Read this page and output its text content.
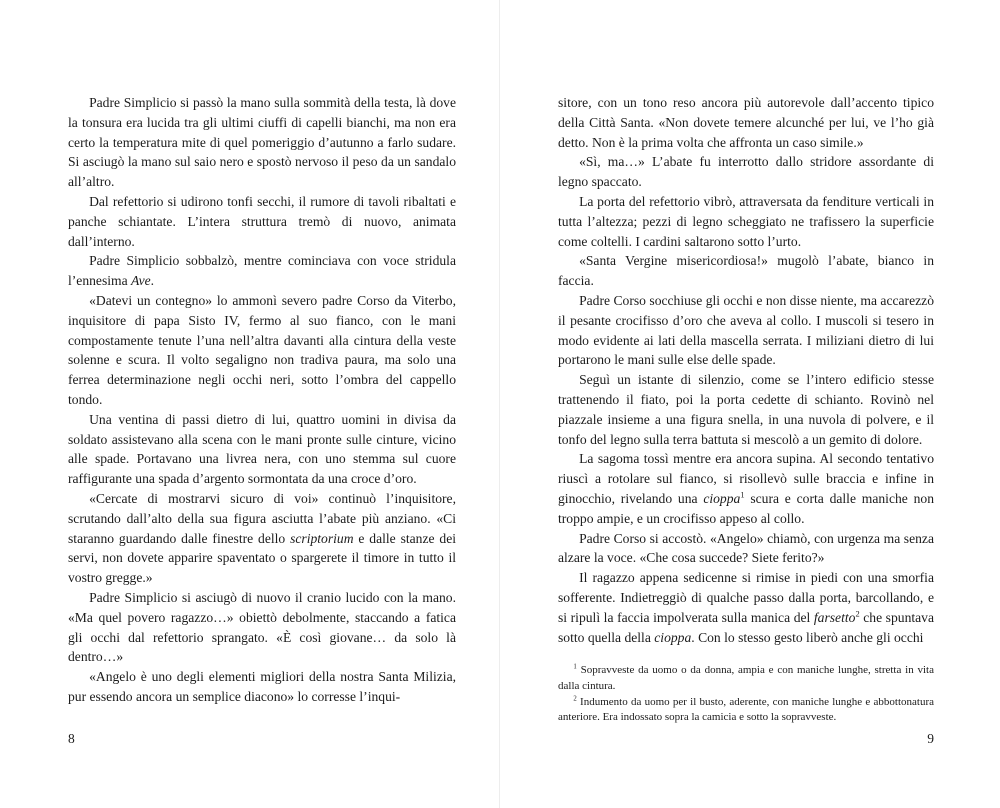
Padre Simplicio si passò la mano sulla sommità della testa, là dove la tonsura era lucida tra gli ultimi ciuffi di capelli bianchi, ma non era certo la temperatura mite di quel pomeriggio d’autunno a farlo sudare. Si asciugò la mano sul saio nero e spostò nervoso il peso da un sandalo all’altro.

Dal refettorio si udirono tonfi secchi, il rumore di tavoli ribaltati e panche schiantate. L’intera struttura tremò di nuovo, animata dall’interno.

Padre Simplicio sobbalzò, mentre cominciava con voce stridula l’ennesima Ave.

«Datevi un contegno» lo ammonì severo padre Corso da Viterbo, inquisitore di papa Sisto IV, fermo al suo fianco, con le mani compostamente tenute l’una nell’altra davanti alla cintura della veste solenne e scura. Il volto segaligno non tradiva paura, ma solo una ferrea determinazione negli occhi neri, sotto l’ombra del cappello tondo.

Una ventina di passi dietro di lui, quattro uomini in divisa da soldato assistevano alla scena con le mani pronte sulle cinture, vicino alle spade. Portavano una livrea nera, con uno stemma sul cuore raffigurante una spada d’argento sormontata da una croce d’oro.

«Cercate di mostrarvi sicuro di voi» continuò l’inquisitore, scrutando dall’alto della sua figura asciutta l’abate più anziano. «Ci staranno guardando dalle finestre dello scriptorium e dalle stanze dei servi, non dovete apparire spaventato o spargerete il timore in tutto il vostro gregge.»

Padre Simplicio si asciugò di nuovo il cranio lucido con la mano. «Ma quel povero ragazzo…» obiettò debolmente, staccando a fatica gli occhi dal refettorio sprangato. «È così giovane… da solo là dentro…»

«Angelo è uno degli elementi migliori della nostra Santa Milizia, pur essendo ancora un semplice diacono» lo corresse l’inqui-

8

sitore, con un tono reso ancora più autorevole dall’accento tipico della Città Santa. «Non dovete temere alcunché per lui, ve l’ho già detto. Non è la prima volta che affronta un caso simile.»

«Sì, ma…» L’abate fu interrotto dallo stridore assordante di legno spaccato.

La porta del refettorio vibrò, attraversata da fenditure verticali in tutta l’altezza; pezzi di legno scheggiato ne trafissero la superficie come coltelli. I cardini saltarono sotto l’urto.

«Santa Vergine misericordiosa!» mugolò l’abate, bianco in faccia.

Padre Corso socchiuse gli occhi e non disse niente, ma accarezzò il pesante crocifisso d’oro che aveva al collo. I muscoli si tesero in modo evidente ai lati della mascella serrata. I miliziani dietro di lui portarono le mani sulle else delle spade.

Seguì un istante di silenzio, come se l’intero edificio stesse trattenendo il fiato, poi la porta cedette di schianto. Rovinò nel piazzale insieme a una figura snella, in una nuvola di polvere, e il tonfo del legno sulla terra battuta si mescolò a un gemito di dolore.

La sagoma tossì mentre era ancora supina. Al secondo tentativo riuscì a rotolare sul fianco, si risollevò sulle braccia e infine in ginocchio, rivelando una cioppa$^1$ scura e corta dalle maniche non troppo ampie, e un crocifisso appeso al collo.

Padre Corso si accostò. «Angelo» chiamò, con urgenza ma senza alzare la voce. «Che cosa succede? Siete ferito?»

Il ragazzo appena sedicenne si rimise in piedi con una smorfia sofferente. Indietreggiò di qualche passo dalla porta, barcollando, e si ripulì la faccia impolverata sulla manica del farsetto$^2$ che spuntava sotto quella della cioppa. Con lo stesso gesto liberò anche gli occhi

$^1$ Sopravveste da uomo o da donna, ampia e con maniche lunghe, stretta in vita dalla cintura.

$^2$ Indumento da uomo per il busto, aderente, con maniche lunghe e abbottonatura anteriore. Era indossato sopra la camicia e sotto la sopravveste.

9
